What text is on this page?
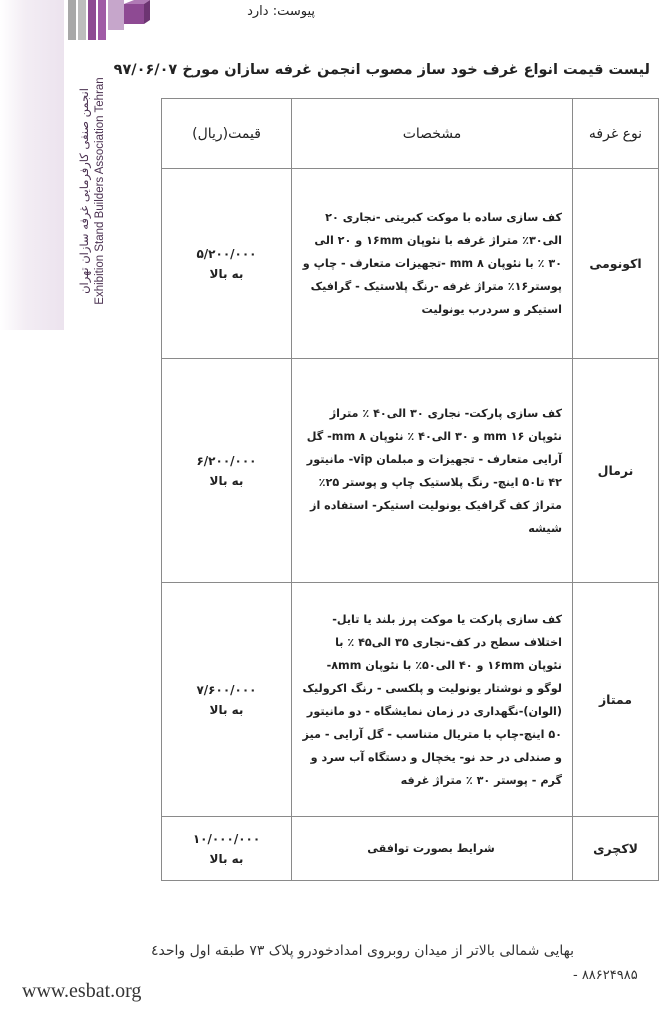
انجمن صنفی کارفرمایی غرفه سازان تهران Exhibition Stand Builders Association Tehran
پیوست: دارد
لیست قیمت انواع غرف خود ساز مصوب انجمن غرفه سازان مورخ ۹۷/۰۶/۰۷
نوع غرفه	مشخصات	قیمت(ریال)
اکونومی	کف سازی ساده با موکت کبریتی -نجاری ۲۰ الی۳۰٪ متراژ غرفه با نئوپان ۱۶mm و ۲۰ الی ۳۰ ٪ با نئوپان ۸ mm -تجهیزات متعارف - چاپ و پوستر۱۶٪ متراژ غرفه -رنگ پلاستیک - گرافیک استیکر و سردرب یونولیت	۵/۲۰۰/۰۰۰
به بالا

نرمال	کف سازی پارکت- نجاری ۳۰ الی۴۰ ٪ متراژ نئوپان ۱۶ mm و ۳۰ الی۴۰ ٪ نئوپان ۸ mm- گل آرایی متعارف - تجهیزات و مبلمان vip- مانیتور ۴۲ تا۵۰ اینچ- رنگ پلاستیک چاپ و پوستر ۲۵٪ متراژ کف گرافیک یونولیت استیکر- استفاده از شیشه	۶/۲۰۰/۰۰۰
به بالا

ممتاز	کف سازی پارکت یا موکت پرز بلند یا تایل- اختلاف سطح در کف-نجاری ۳۵ الی۴۵ ٪ با نئوپان ۱۶mm و ۴۰ الی۵۰٪ با نئوپان ۸mm- لوگو و نوشتار یونولیت و پلکسی - رنگ اکرولیک (الوان)-نگهداری در زمان نمایشگاه - دو مانیتور ۵۰ اینچ-چاپ با متریال متناسب - گل آرایی - میز و صندلی در حد نو- یخچال و دستگاه آب سرد و گرم - پوستر ۳۰ ٪ متراژ غرفه	۷/۶۰۰/۰۰۰
به بالا

لاکچری	شرایط بصورت توافقی	۱۰/۰۰۰/۰۰۰
به بالا
بهایی شمالی بالاتر از میدان روبروی امدادخودرو پلاک ۷۳ طبقه اول واحد٤
- ۸۸۶۲۴۹۸۵
www.esbat.org
